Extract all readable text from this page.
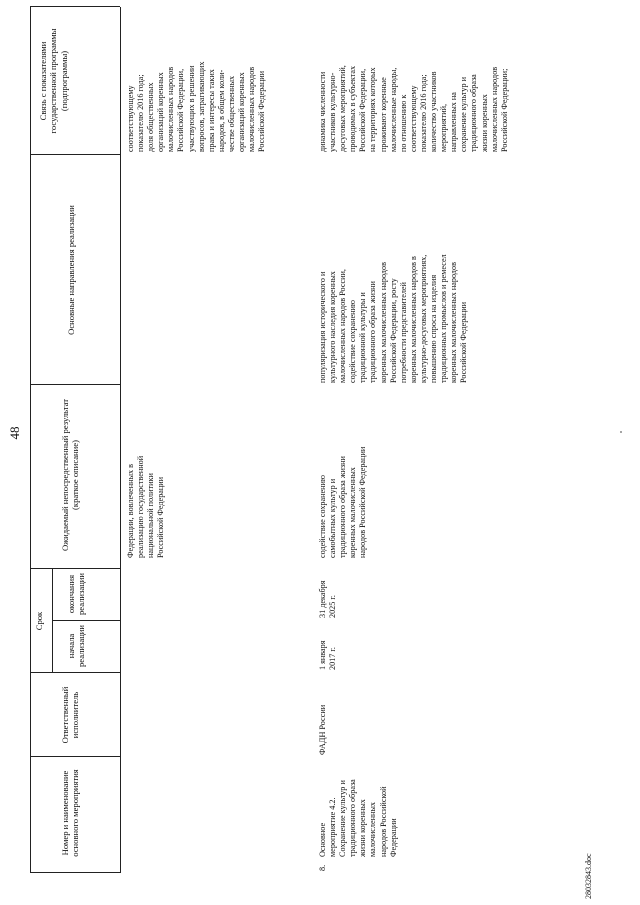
48
Номер и наименование основного мероприятия
Ответственный исполнитель
Срок
начала реализации
окончания реализации
Ожидаемый непосредственный результат (краткое описание)
Основные направления реализации
Связь с показателями государственной программы (подпрограммы)
Федерации, вовлеченных в
реализацию государственной
национальной политики
Российской Федерации
соответствующему
показателю 2016 года;
доля общественных
организаций коренных
малочисленных народов
Российской Федерации,
участвующих в решении
вопросов, затрагивающих
права и интересы таких
народов, в общем коли-
честве общественных
организаций коренных
малочисленных народов
Российской Федерации
8.
Основное
мероприятие 4.2.
Сохранение культур и
традиционного образа
жизни коренных
малочисленных
народов Российской
Федерации
ФАДН России
1 января
2017 г.
31 декабря
2025 г.
содействие сохранению
самобытных культур и
традиционного образа жизни
коренных малочисленных
народов Российской Федерации
популяризация исторического и
культурного наследия коренных
малочисленных народов России,
содействие сохранению
традиционной культуры и
традиционного образа жизни
коренных малочисленных народов
Российской Федерации, росту
потребности представителей
коренных малочисленных народов в
культурно-досуговых мероприятиях,
повышению спроса на изделия
традиционных промыслов и ремесел
коренных малочисленных народов
Российской Федерации
динамика численности
участников культурно-
досуговых мероприятий,
проводимых в субъектах
Российской Федерации,
на территориях которых
проживают коренные
малочисленные народы,
по отношению к
соответствующему
показателю 2016 года;
количество участников
мероприятий,
направленных на
сохранение культур и
традиционного образа
жизни коренных
малочисленных народов
Российской Федерации;
28032843.doc
